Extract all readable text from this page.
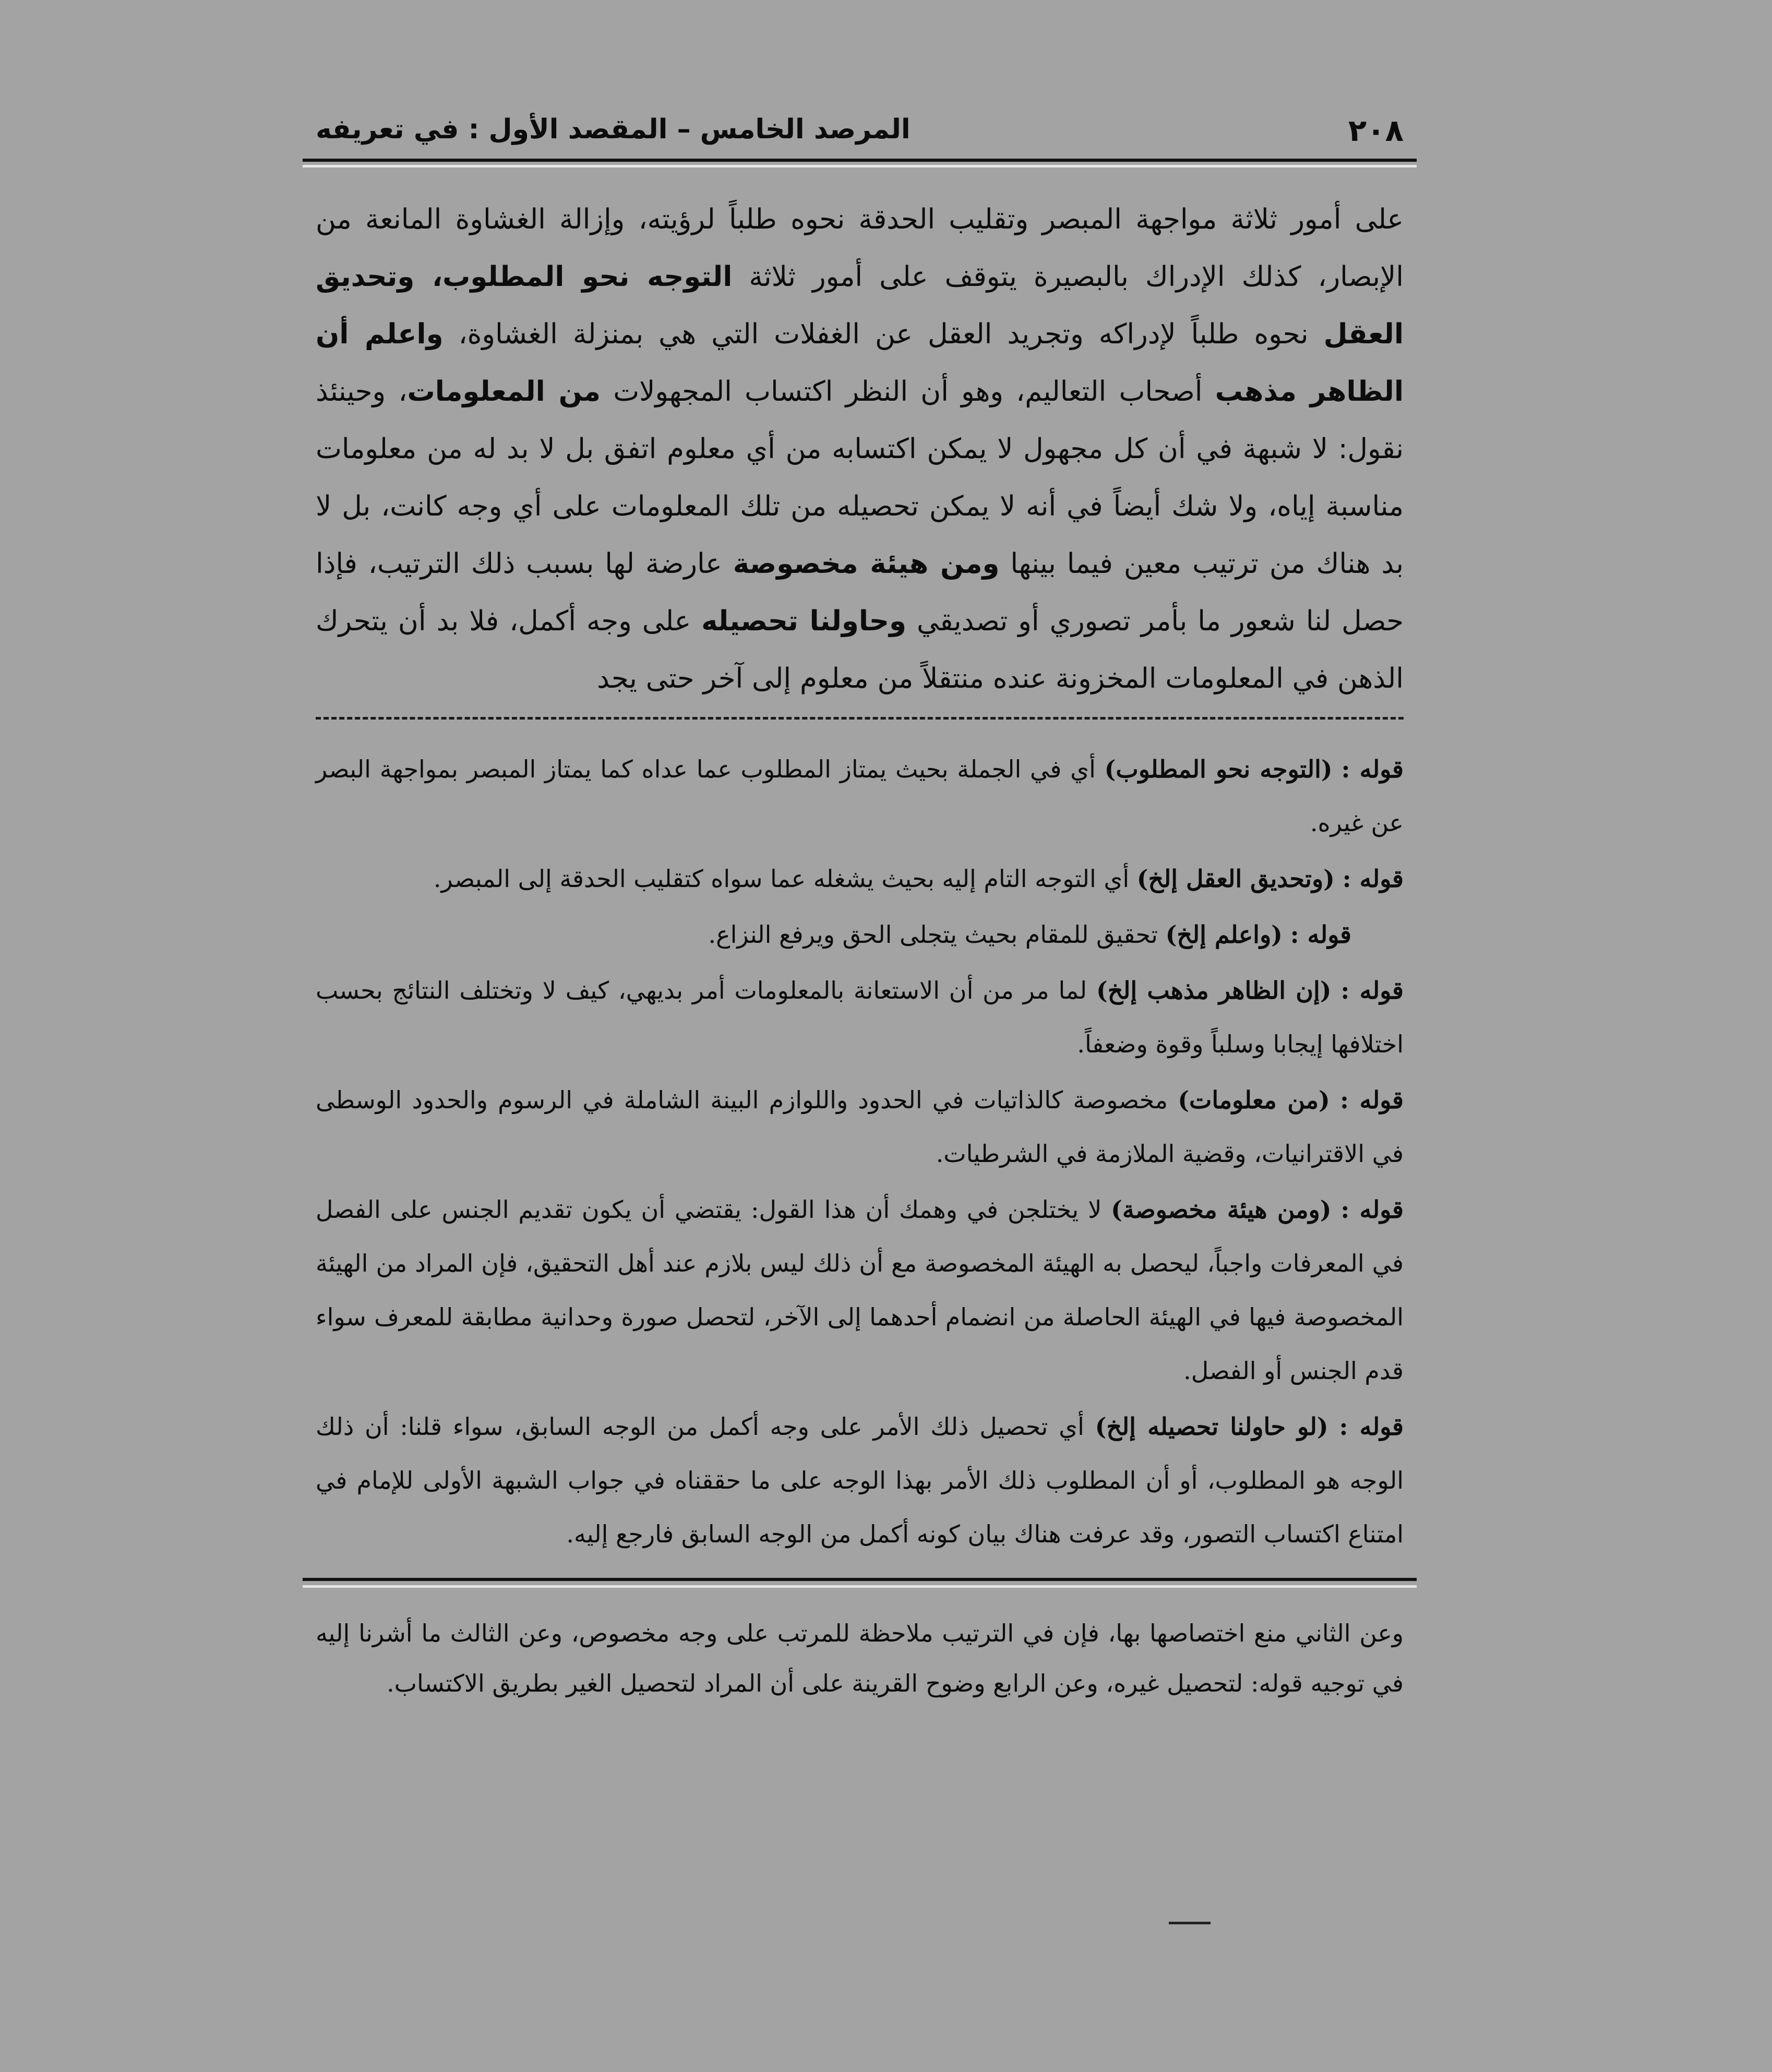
٢٠٨
المرصد الخامس – المقصد الأول : في تعريفه
على أمور ثلاثة مواجهة المبصر وتقليب الحدقة نحوه طلباً لرؤيته، وإزالة الغشاوة المانعة من الإبصار، كذلك الإدراك بالبصيرة يتوقف على أمور ثلاثة التوجه نحو المطلوب، وتحديق العقل نحوه طلباً لإدراكه وتجريد العقل عن الغفلات التي هي بمنزلة الغشاوة، واعلم أن الظاهر مذهب أصحاب التعاليم، وهو أن النظر اكتساب المجهولات من المعلومات، وحينئذ نقول: لا شبهة في أن كل مجهول لا يمكن اكتسابه من أي معلوم اتفق بل لا بد له من معلومات مناسبة إياه، ولا شك أيضاً في أنه لا يمكن تحصيله من تلك المعلومات على أي وجه كانت، بل لا بد هناك من ترتيب معين فيما بينها ومن هيئة مخصوصة عارضة لها بسبب ذلك الترتيب، فإذا حصل لنا شعور ما بأمر تصوري أو تصديقي وحاولنا تحصيله على وجه أكمل، فلا بد أن يتحرك الذهن في المعلومات المخزونة عنده منتقلاً من معلوم إلى آخر حتى يجد

قوله : (التوجه نحو المطلوب) أي في الجملة بحيث يمتاز المطلوب عما عداه كما يمتاز المبصر بمواجهة البصر عن غيره.

قوله : (وتحديق العقل إلخ) أي التوجه التام إليه بحيث يشغله عما سواه كتقليب الحدقة إلى المبصر.

قوله : (واعلم إلخ) تحقيق للمقام بحيث يتجلى الحق ويرفع النزاع.

قوله : (إن الظاهر مذهب إلخ) لما مر من أن الاستعانة بالمعلومات أمر بديهي، كيف لا وتختلف النتائج بحسب اختلافها إيجابا وسلباً وقوة وضعفاً.

قوله : (من معلومات) مخصوصة كالذاتيات في الحدود واللوازم البينة الشاملة في الرسوم والحدود الوسطى في الاقترانيات، وقضية الملازمة في الشرطيات.

قوله : (ومن هيئة مخصوصة) لا يختلجن في وهمك أن هذا القول: يقتضي أن يكون تقديم الجنس على الفصل في المعرفات واجباً، ليحصل به الهيئة المخصوصة مع أن ذلك ليس بلازم عند أهل التحقيق، فإن المراد من الهيئة المخصوصة فيها في الهيئة الحاصلة من انضمام أحدهما إلى الآخر، لتحصل صورة وحدانية مطابقة للمعرف سواء قدم الجنس أو الفصل.

قوله : (لو حاولنا تحصيله إلخ) أي تحصيل ذلك الأمر على وجه أكمل من الوجه السابق، سواء قلنا: أن ذلك الوجه هو المطلوب، أو أن المطلوب ذلك الأمر بهذا الوجه على ما حققناه في جواب الشبهة الأولى للإمام في امتناع اكتساب التصور، وقد عرفت هناك بيان كونه أكمل من الوجه السابق فارجع إليه.

وعن الثاني منع اختصاصها بها، فإن في الترتيب ملاحظة للمرتب على وجه مخصوص، وعن الثالث ما أشرنا إليه في توجيه قوله: لتحصيل غيره، وعن الرابع وضوح القرينة على أن المراد لتحصيل الغير بطريق الاكتساب.
